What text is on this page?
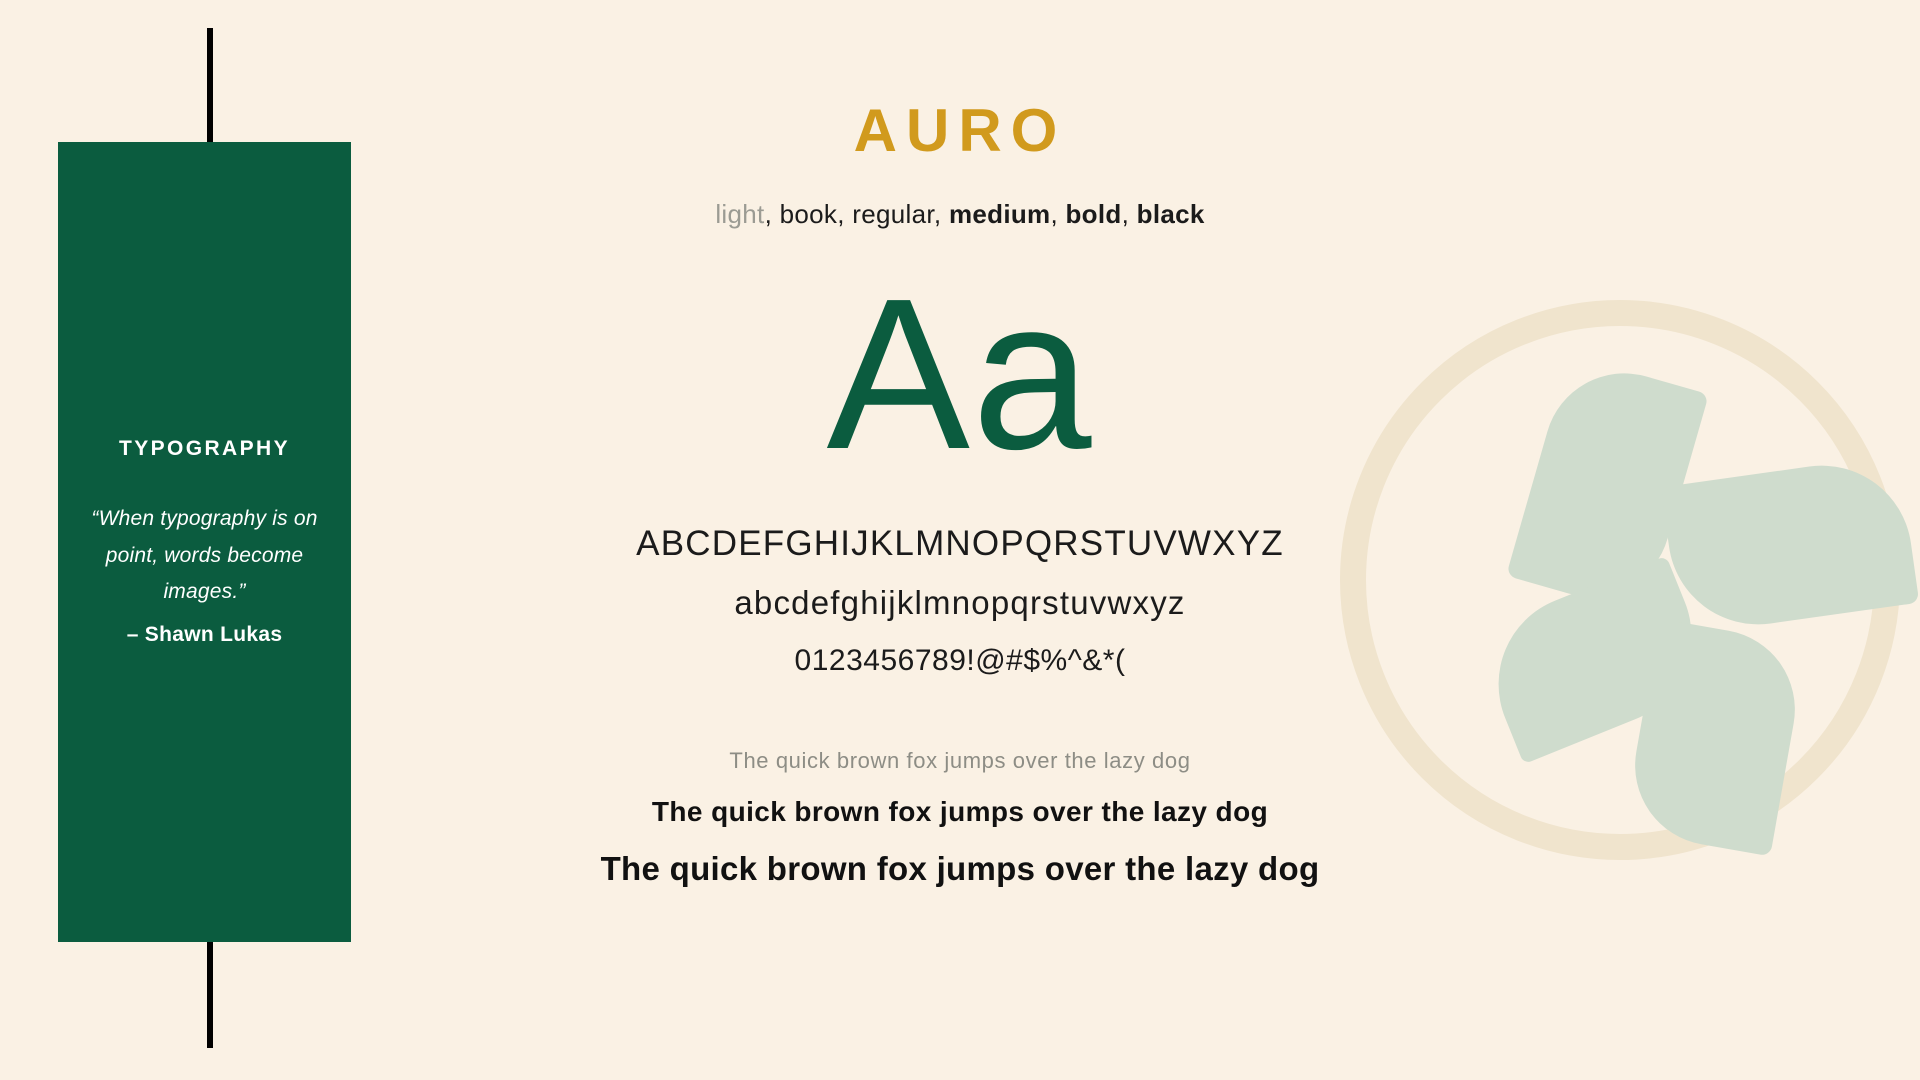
TYPOGRAPHY
“When typography is on point, words become images.”
– Shawn Lukas
AURO
light, book, regular, medium, bold, black
Aa
ABCDEFGHIJKLMNOPQRSTUVWXYZ
abcdefghijklmnopqrstuvwxyz
0123456789!@#$%^&*(
The quick brown fox jumps over the lazy dog
The quick brown fox jumps over the lazy dog
The quick brown fox jumps over the lazy dog
